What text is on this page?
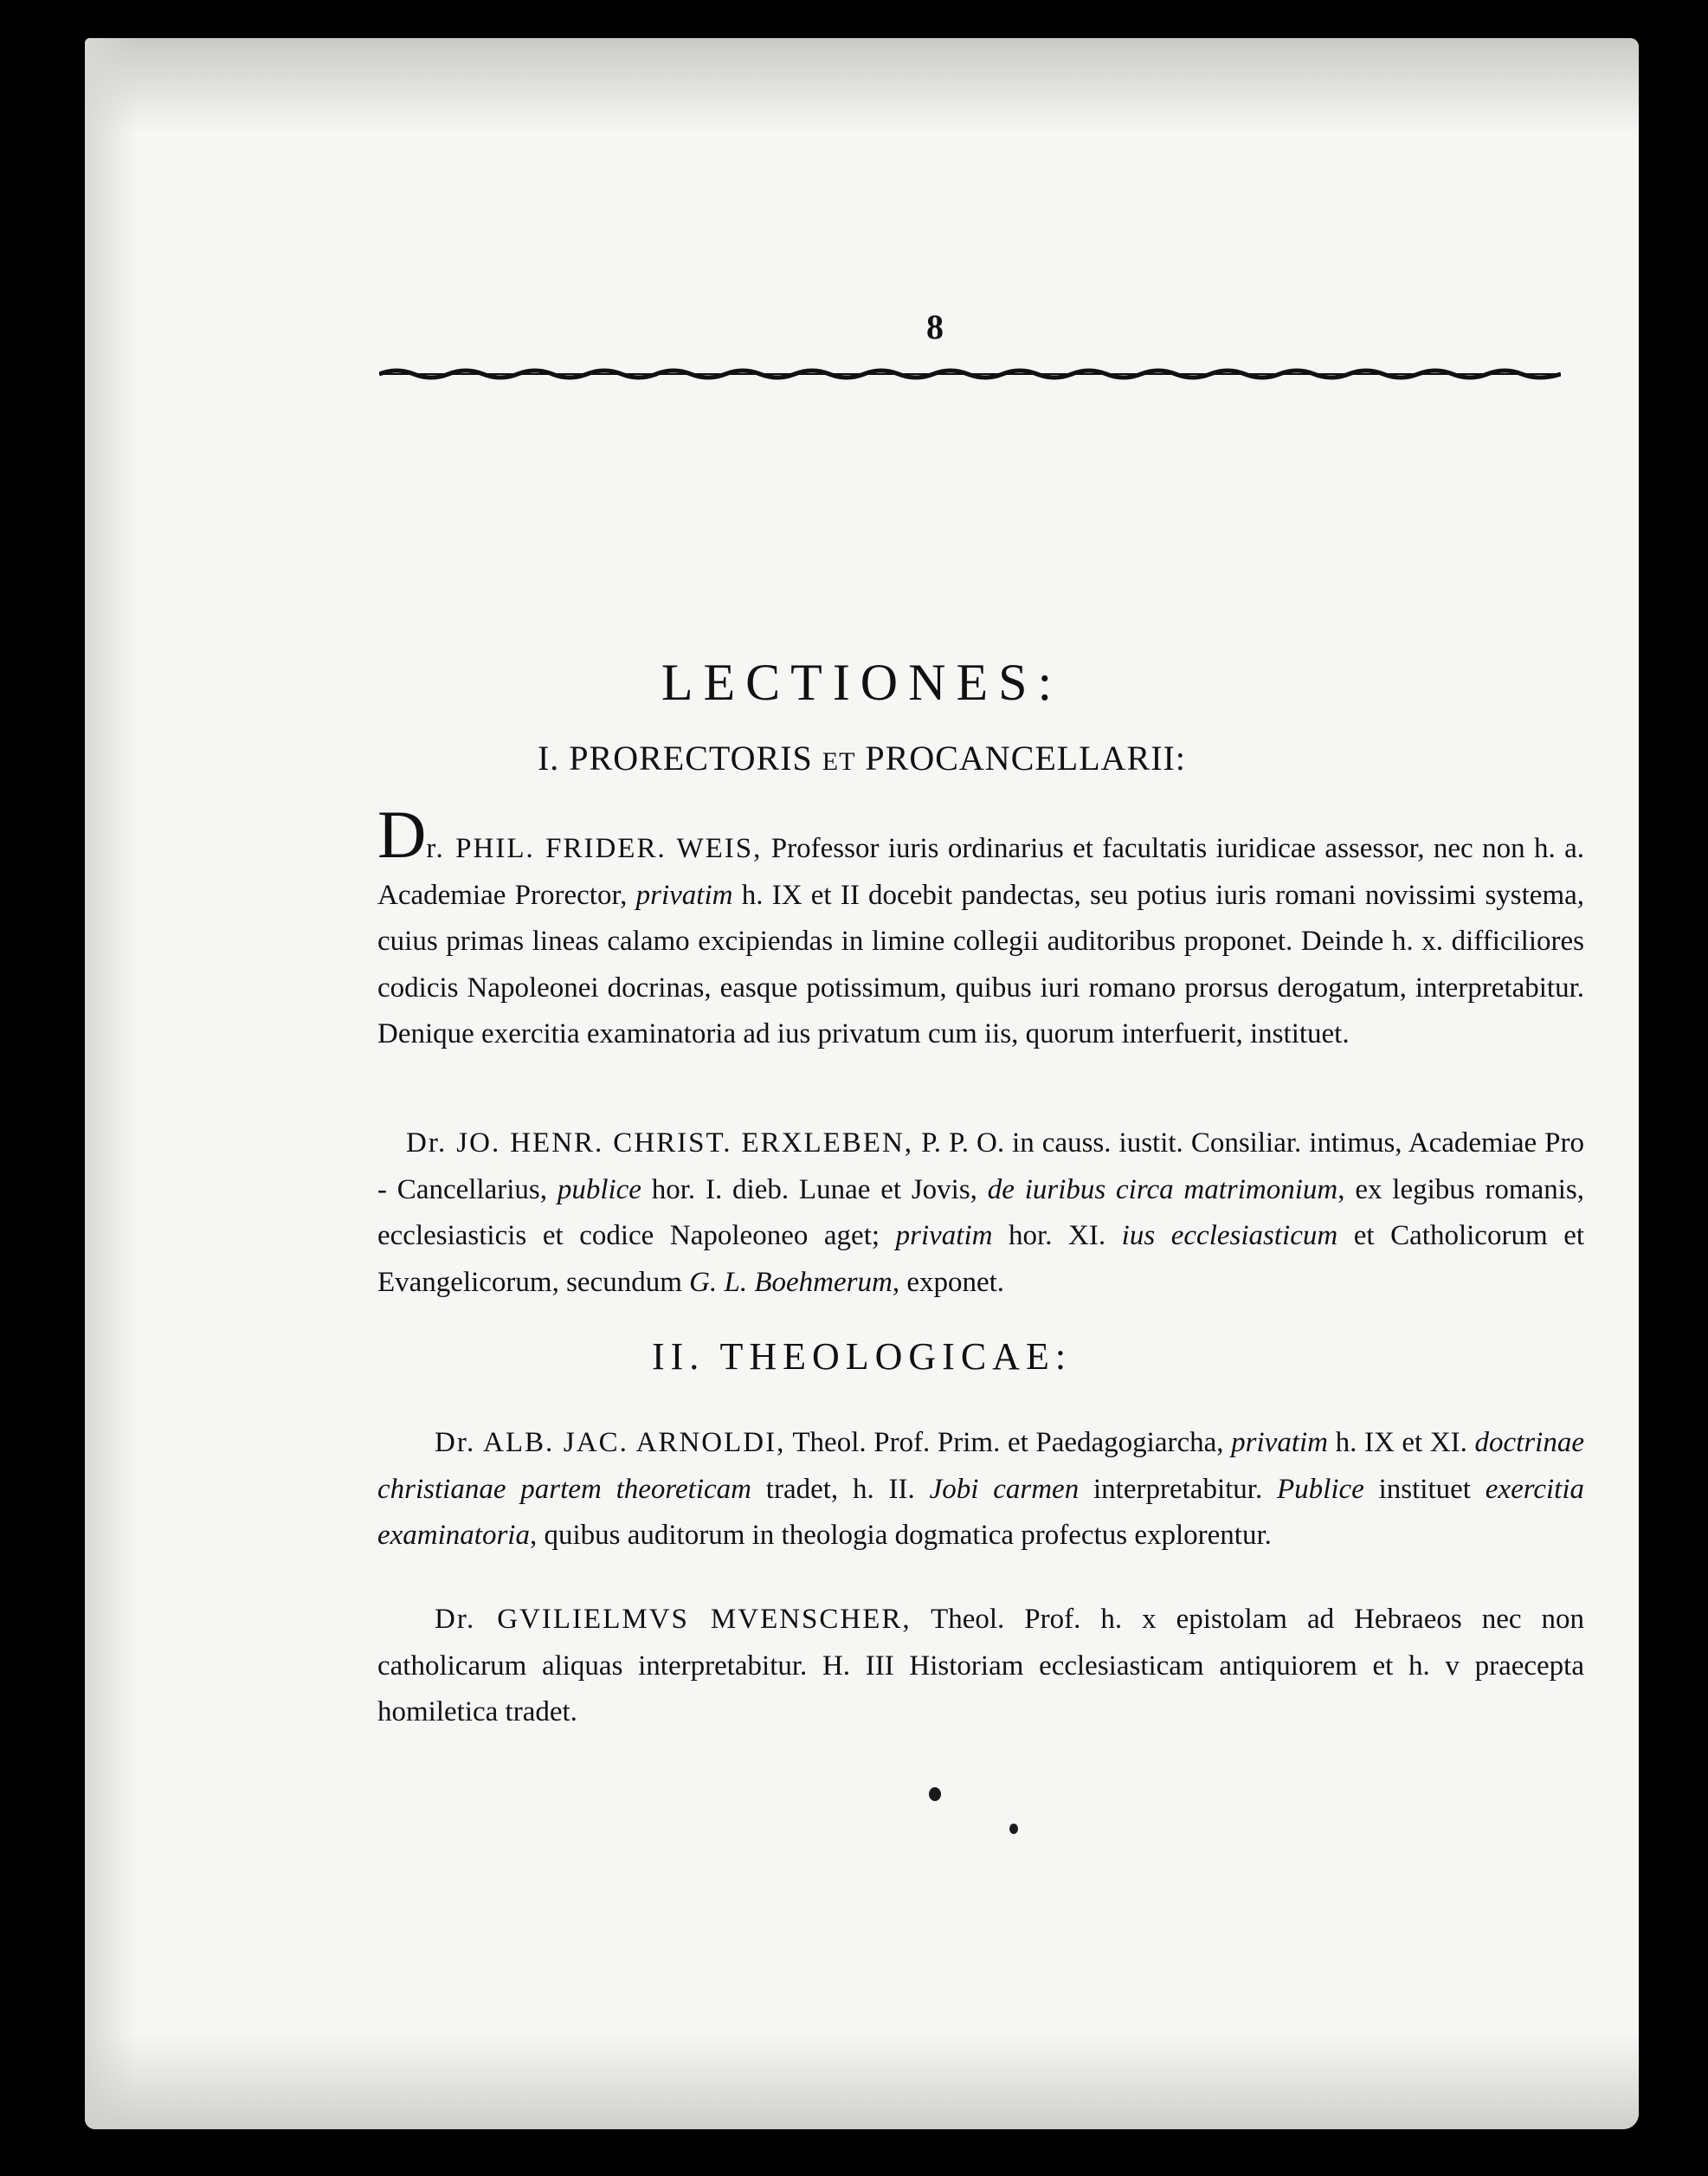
8
LECTIONES:
I. PRORECTORIS ET PROCANCELLARII:

Dr. PHIL. FRIDER. WEIS, Professor iuris ordinarius et facultatis iuridicae assessor, nec non h. a. Academiae Prorector, privatim h. IX et II docebit pandectas, seu potius iuris romani novissimi systema, cuius primas lineas calamo excipiendas in limine collegii auditoribus proponet. Deinde h. x. difficiliores codicis Napoleonei docrinas, easque potissimum, quibus iuri romano prorsus derogatum, interpretabitur. Denique exercitia examinatoria ad ius privatum cum iis, quorum interfuerit, instituet.

 Dr. JO. HENR. CHRIST. ERXLEBEN, P. P. O. in causs. iustit. Consiliar. intimus, Academiae Pro - Cancellarius, publice hor. I. dieb. Lunae et Jovis, de iuribus circa matrimonium, ex legibus romanis, ecclesiasticis et codice Napoleoneo aget; privatim hor. XI. ius ecclesiasticum et Catholicorum et Evangelicorum, secundum G. L. Boehmerum, exponet.

II. THEOLOGICAE:

  Dr. ALB. JAC. ARNOLDI, Theol. Prof. Prim. et Paedagogiarcha, privatim h. IX et XI. doctrinae christianae partem theoreticam tradet, h. II. Jobi carmen interpretabitur. Publice instituet exercitia examinatoria, quibus auditorum in theologia dogmatica profectus explorentur.

  Dr. GVILIELMVS MVENSCHER, Theol. Prof. h. x epistolam ad Hebraeos nec non catholicarum aliquas interpretabitur. H. III Historiam ecclesiasticam antiquiorem et h. v praecepta homiletica tradet.
